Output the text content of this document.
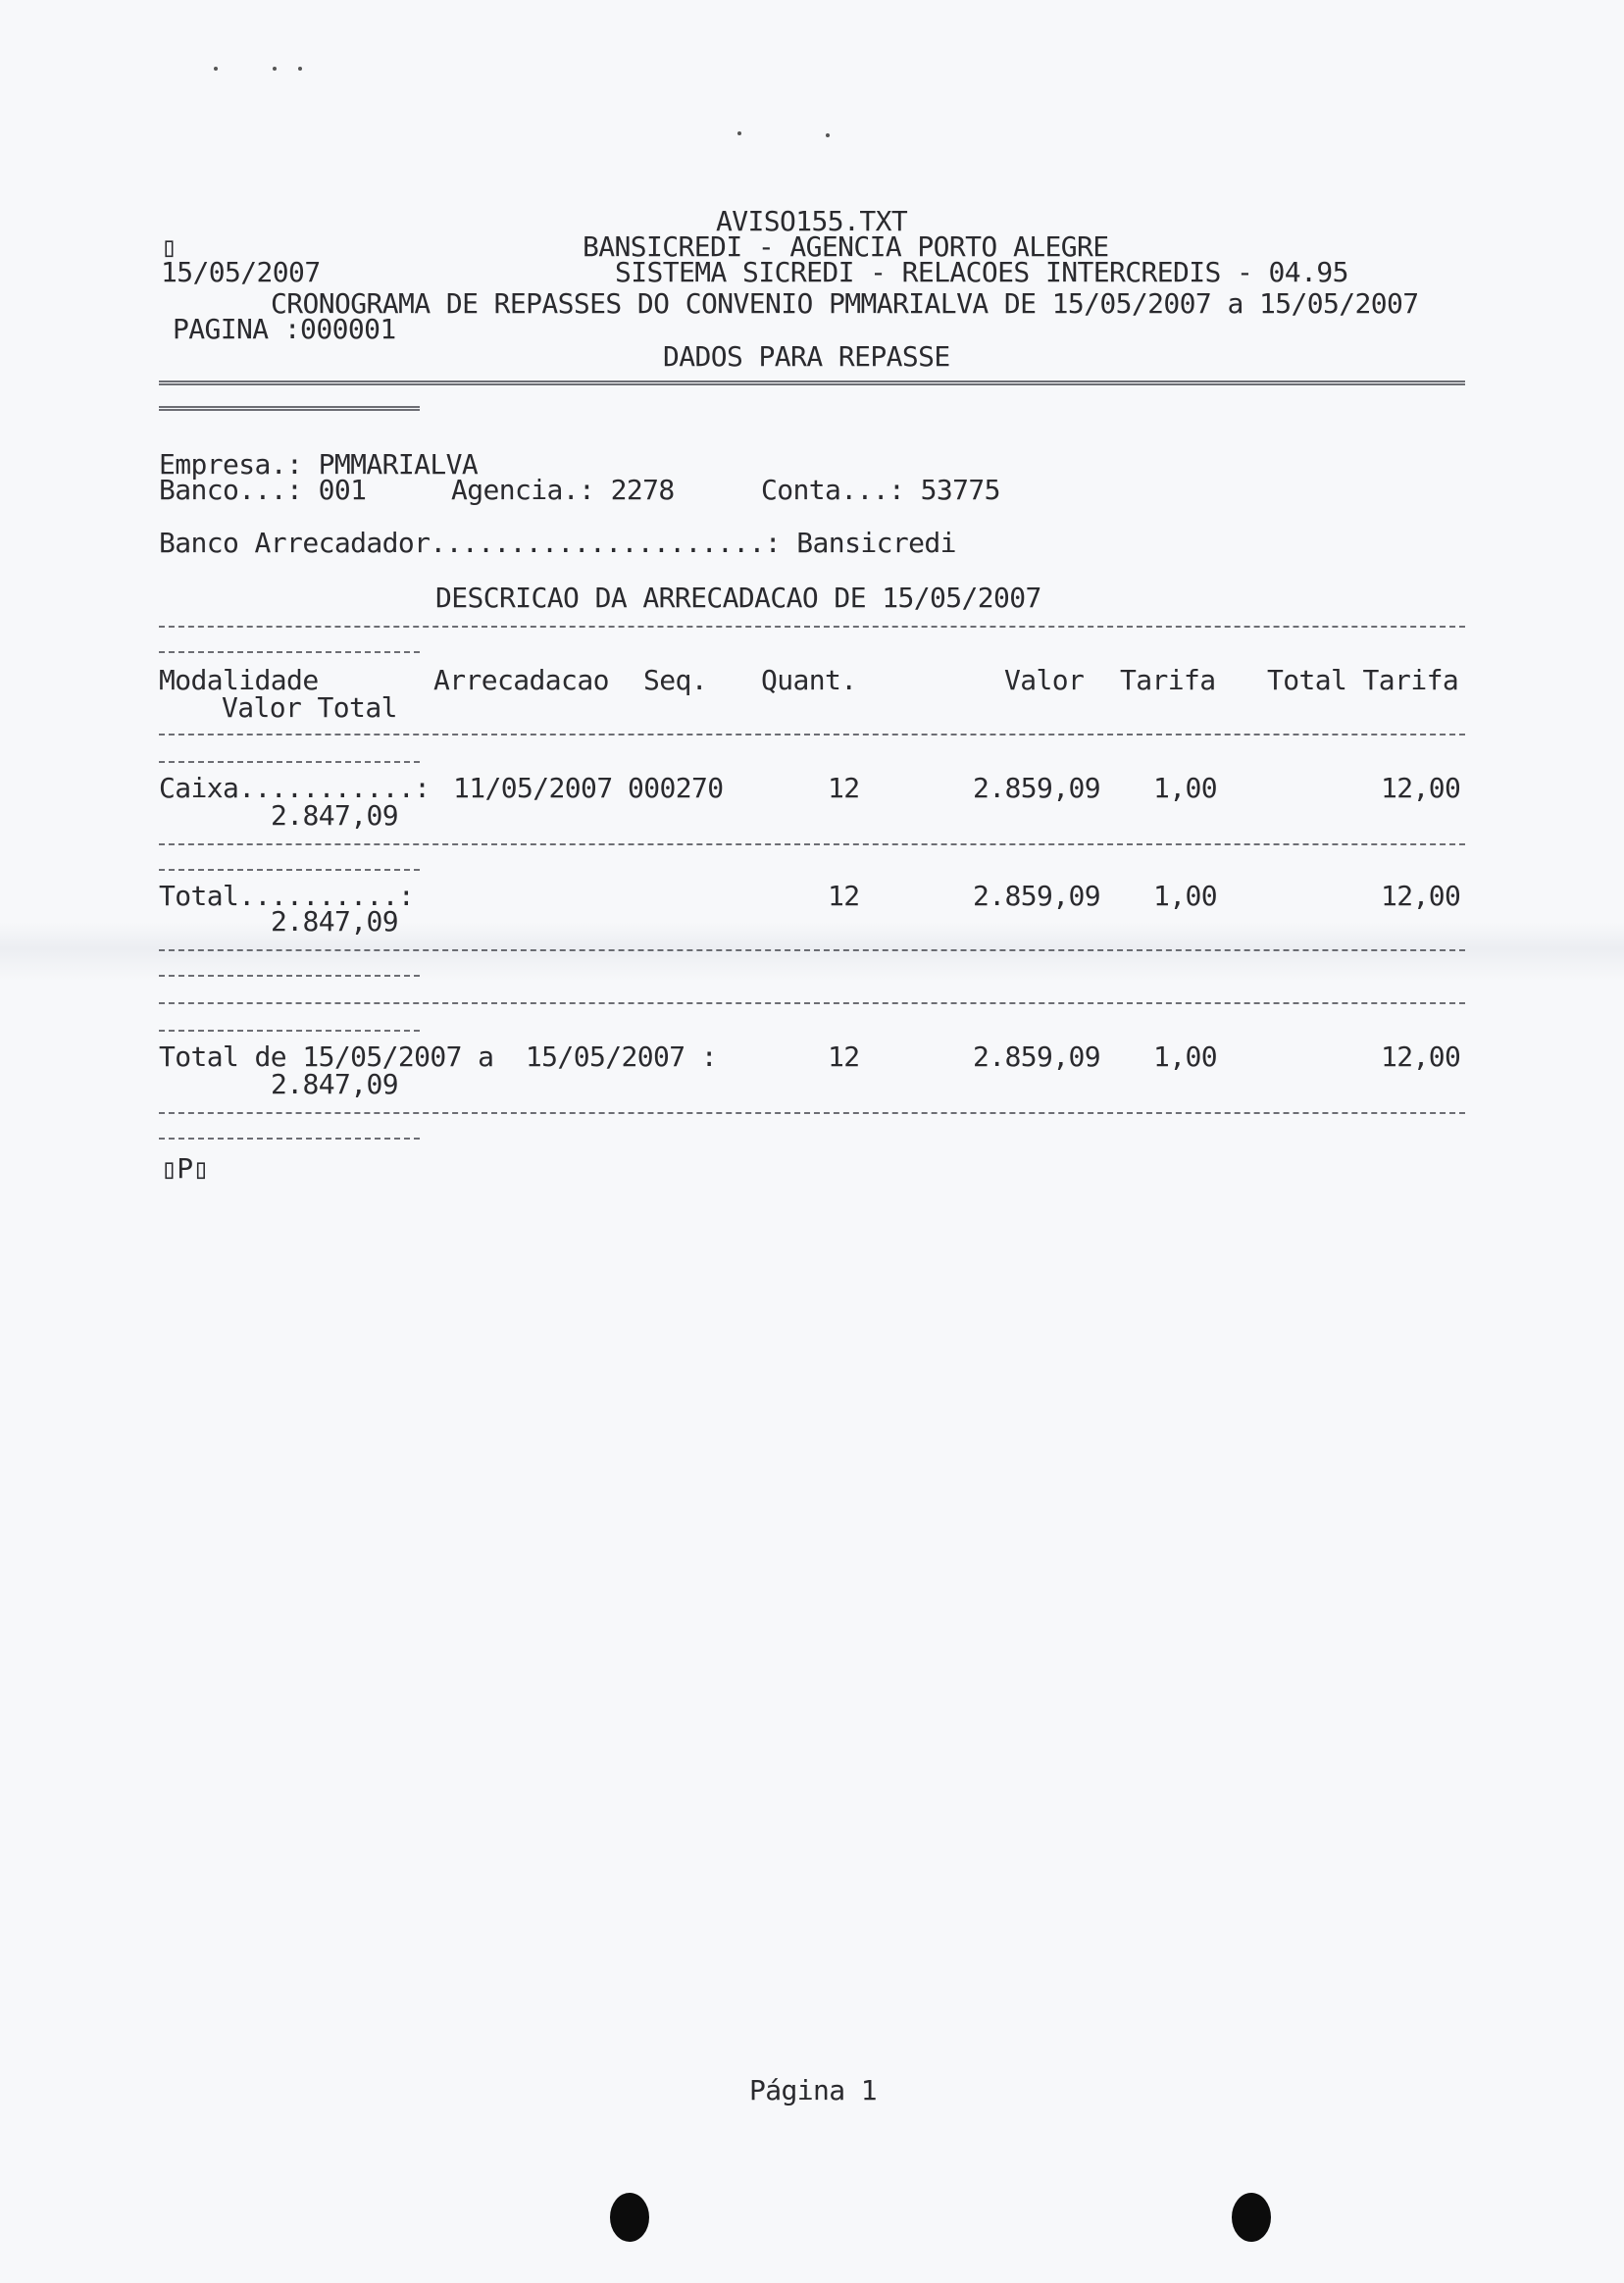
AVISO155.TXT
▯	BANSICREDI - AGENCIA PORTO ALEGRE
15/05/2007	SISTEMA SICREDI - RELACOES INTERCREDIS - 04.95
CRONOGRAMA DE REPASSES DO CONVENIO PMMARIALVA DE 15/05/2007 a 15/05/2007
PAGINA :000001
DADOS PARA REPASSE
Empresa.: PMMARIALVA
Banco...: 001	Agencia.: 2278	Conta...: 53775
Banco Arrecadador.....................: Bansicredi
DESCRICAO DA ARRECADACAO DE 15/05/2007
Modalidade	Arrecadacao Seq. Quant.	Valor Tarifa Total Tarifa
Valor Total
Caixa...........: 11/05/2007 000270	12	2.859,09 1,00	12,00
2.847,09
Total..........:	12	2.859,09 1,00	12,00
2.847,09
Total de 15/05/2007 a  15/05/2007 :	12	2.859,09 1,00	12,00
2.847,09
▯P▯
Página 1
